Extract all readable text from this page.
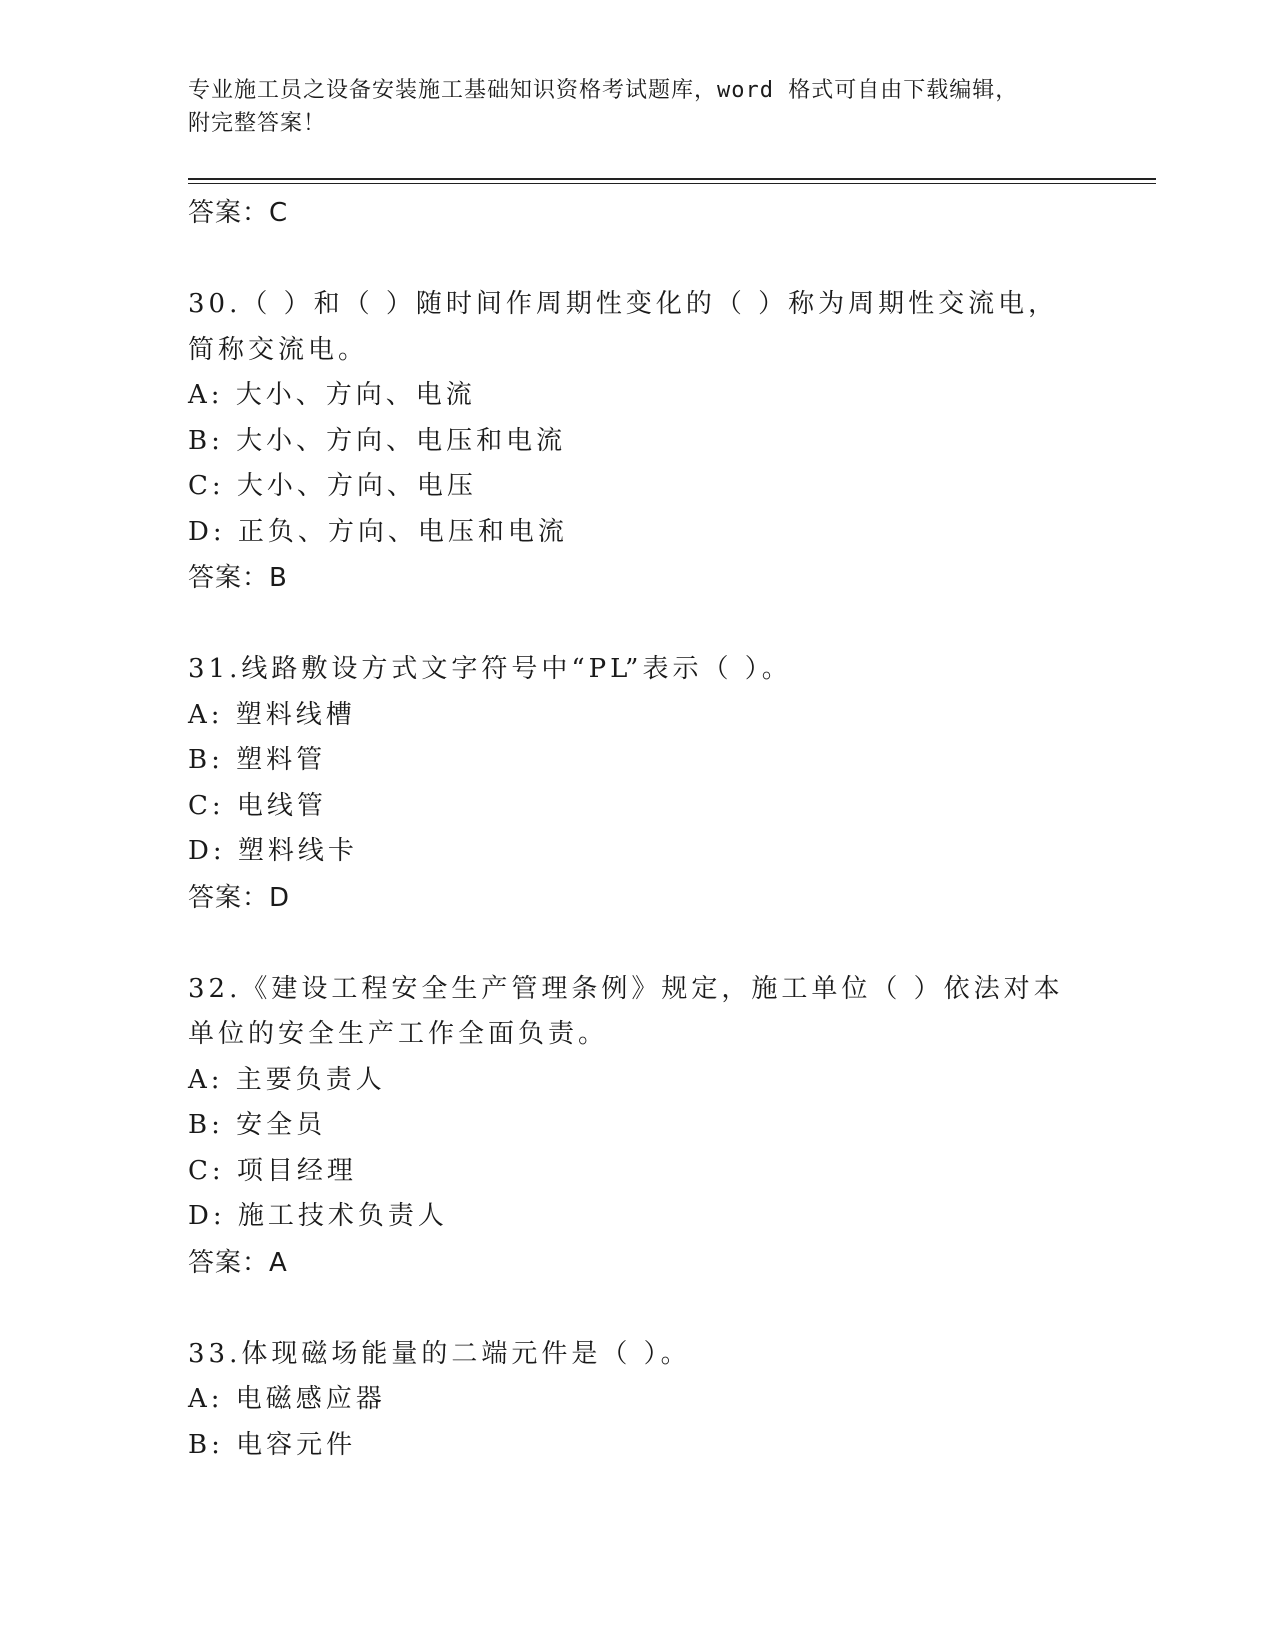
专业施工员之设备安装施工基础知识资格考试题库，word 格式可自由下载编辑，
附完整答案！
答案：C
30.（ ）和（ ）随时间作周期性变化的（ ）称为周期性交流电，简称交流电。
A: 大小、方向、电流
B: 大小、方向、电压和电流
C: 大小、方向、电压
D: 正负、方向、电压和电流
答案：B
31.线路敷设方式文字符号中“PL”表示（ ）。
A: 塑料线槽
B: 塑料管
C: 电线管
D: 塑料线卡
答案：D
32.《建设工程安全生产管理条例》规定，施工单位（ ）依法对本单位的安全生产工作全面负责。
A: 主要负责人
B: 安全员
C: 项目经理
D: 施工技术负责人
答案：A
33.体现磁场能量的二端元件是（ ）。
A: 电磁感应器
B: 电容元件
